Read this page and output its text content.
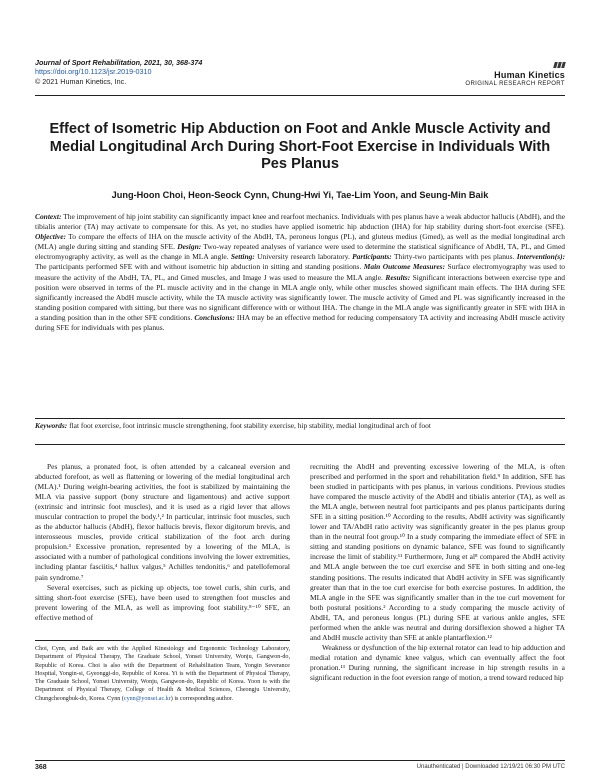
Journal of Sport Rehabilitation, 2021, 30, 368-374
https://doi.org/10.1123/jsr.2019-0310
© 2021 Human Kinetics, Inc.
Human Kinetics
ORIGINAL RESEARCH REPORT
Effect of Isometric Hip Abduction on Foot and Ankle Muscle Activity and Medial Longitudinal Arch During Short-Foot Exercise in Individuals With Pes Planus
Jung-Hoon Choi, Heon-Seock Cynn, Chung-Hwi Yi, Tae-Lim Yoon, and Seung-Min Baik
Context: The improvement of hip joint stability can significantly impact knee and rearfoot mechanics. Individuals with pes planus have a weak abductor hallucis (AbdH), and the tibialis anterior (TA) may activate to compensate for this. As yet, no studies have applied isometric hip abduction (IHA) for hip stability during short-foot exercise (SFE). Objective: To compare the effects of IHA on the muscle activity of the AbdH, TA, peroneus longus (PL), and gluteus medius (Gmed), as well as the medial longitudinal arch (MLA) angle during sitting and standing SFE. Design: Two-way repeated analyses of variance were used to determine the statistical significance of AbdH, TA, PL, and Gmed electromyography activity, as well as the change in MLA angle. Setting: University research laboratory. Participants: Thirty-two participants with pes planus. Intervention(s): The participants performed SFE with and without isometric hip abduction in sitting and standing positions. Main Outcome Measures: Surface electromyography was used to measure the activity of the AbdH, TA, PL, and Gmed muscles, and Image J was used to measure the MLA angle. Results: Significant interactions between exercise type and position were observed in terms of the PL muscle activity and in the change in MLA angle only, while other muscles showed significant main effects. The IHA during SFE significantly increased the AbdH muscle activity, while the TA muscle activity was significantly lower. The muscle activity of Gmed and PL was significantly increased in the standing position compared with sitting, but there was no significant difference with or without IHA. The change in the MLA angle was significantly greater in SFE with IHA in a standing position than in the other SFE conditions. Conclusions: IHA may be an effective method for reducing compensatory TA activity and increasing AbdH muscle activity during SFE for individuals with pes planus.
Keywords: flat foot exercise, foot intrinsic muscle strengthening, foot stability exercise, hip stability, medial longitudinal arch of foot

Pes planus, a pronated foot, is often attended by a calcaneal eversion and abducted forefoot, as well as flattening or lowering of the medial longitudinal arch (MLA).¹ During weight-bearing activities, the foot is stabilized by maintaining the MLA via passive support (bony structure and ligamentous) and active support (extrinsic and intrinsic foot muscles), and it is used as a rigid lever that allows muscular contraction to propel the body.¹,² In particular, intrinsic foot muscles, such as the abductor hallucis (AbdH), flexor hallucis brevis, flexor digitorum brevis, and interosseous muscles, provide critical stabilization of the foot arch during propulsion.³ Excessive pronation, represented by a lowering of the MLA, is associated with a number of pathological conditions involving the lower extremities, including plantar fasciitis,⁴ hallux valgus,⁵ Achilles tendonitis,⁶ and patellofemoral pain syndrome.⁷

Several exercises, such as picking up objects, toe towel curls, shin curls, and sitting short-foot exercise (SFE), have been used to strengthen foot muscles and prevent lowering of the MLA, as well as improving foot stability.⁸⁻¹⁰ SFE, an effective method of

Choi, Cynn, and Baik are with the Applied Kinesiology and Ergonomic Technology Laboratory, Department of Physical Therapy, The Graduate School, Yonsei University, Wonju, Gangwon-do, Republic of Korea. Choi is also with the Department of Rehabilitation Team, Yongin Severance Hospital, Yongin-si, Gyeonggi-do, Republic of Korea. Yi is with the Department of Physical Therapy, The Graduate School, Yonsei University, Wonju, Gangwon-do, Republic of Korea. Yoon is with the Department of Physical Therapy, College of Health & Medical Sciences, Cheongju University, Chungcheongbuk-do, Korea. Cynn (cynn@yonsei.ac.kr) is corresponding author.

recruiting the AbdH and preventing excessive lowering of the MLA, is often prescribed and performed in the sport and rehabilitation field.⁹ In addition, SFE has been studied in participants with pes planus, in various conditions. Previous studies have compared the muscle activity of the AbdH and tibialis anterior (TA), as well as the MLA angle, between neutral foot participants and pes planus participants during SFE in a sitting position.¹⁰ According to the results, AbdH activity was significantly lower and TA/AbdH ratio activity was significantly greater in the pes planus group than in the neutral foot group.¹⁰ In a study comparing the immediate effect of SFE in sitting and standing positions on dynamic balance, SFE was found to significantly increase the limit of stability.¹¹ Furthermore, Jung et al⁸ compared the AbdH activity and MLA angle between the toe curl exercise and SFE in both sitting and one-leg standing positions. The results indicated that AbdH activity in SFE was significantly greater than that in the toe curl exercise for both exercise postures. In addition, the MLA angle in the SFE was significantly smaller than in the toe curl movement for both postural positions.² According to a study comparing the muscle activity of AbdH, TA, and peroneus longus (PL) during SFE at various ankle angles, SFE performed when the ankle was neutral and during dorsiflexion showed a higher TA and AbdH muscle activity than SFE at ankle plantarflexion.¹²

Weakness or dysfunction of the hip external rotator can lead to hip adduction and medial rotation and dynamic knee valgus, which can eventually affect the foot pronation.¹³ During running, the significant increase in hip strength results in a significant reduction in the foot eversion range of motion, a trend toward reduced hip

368	Unauthenticated | Downloaded 12/19/21 06:30 PM UTC
